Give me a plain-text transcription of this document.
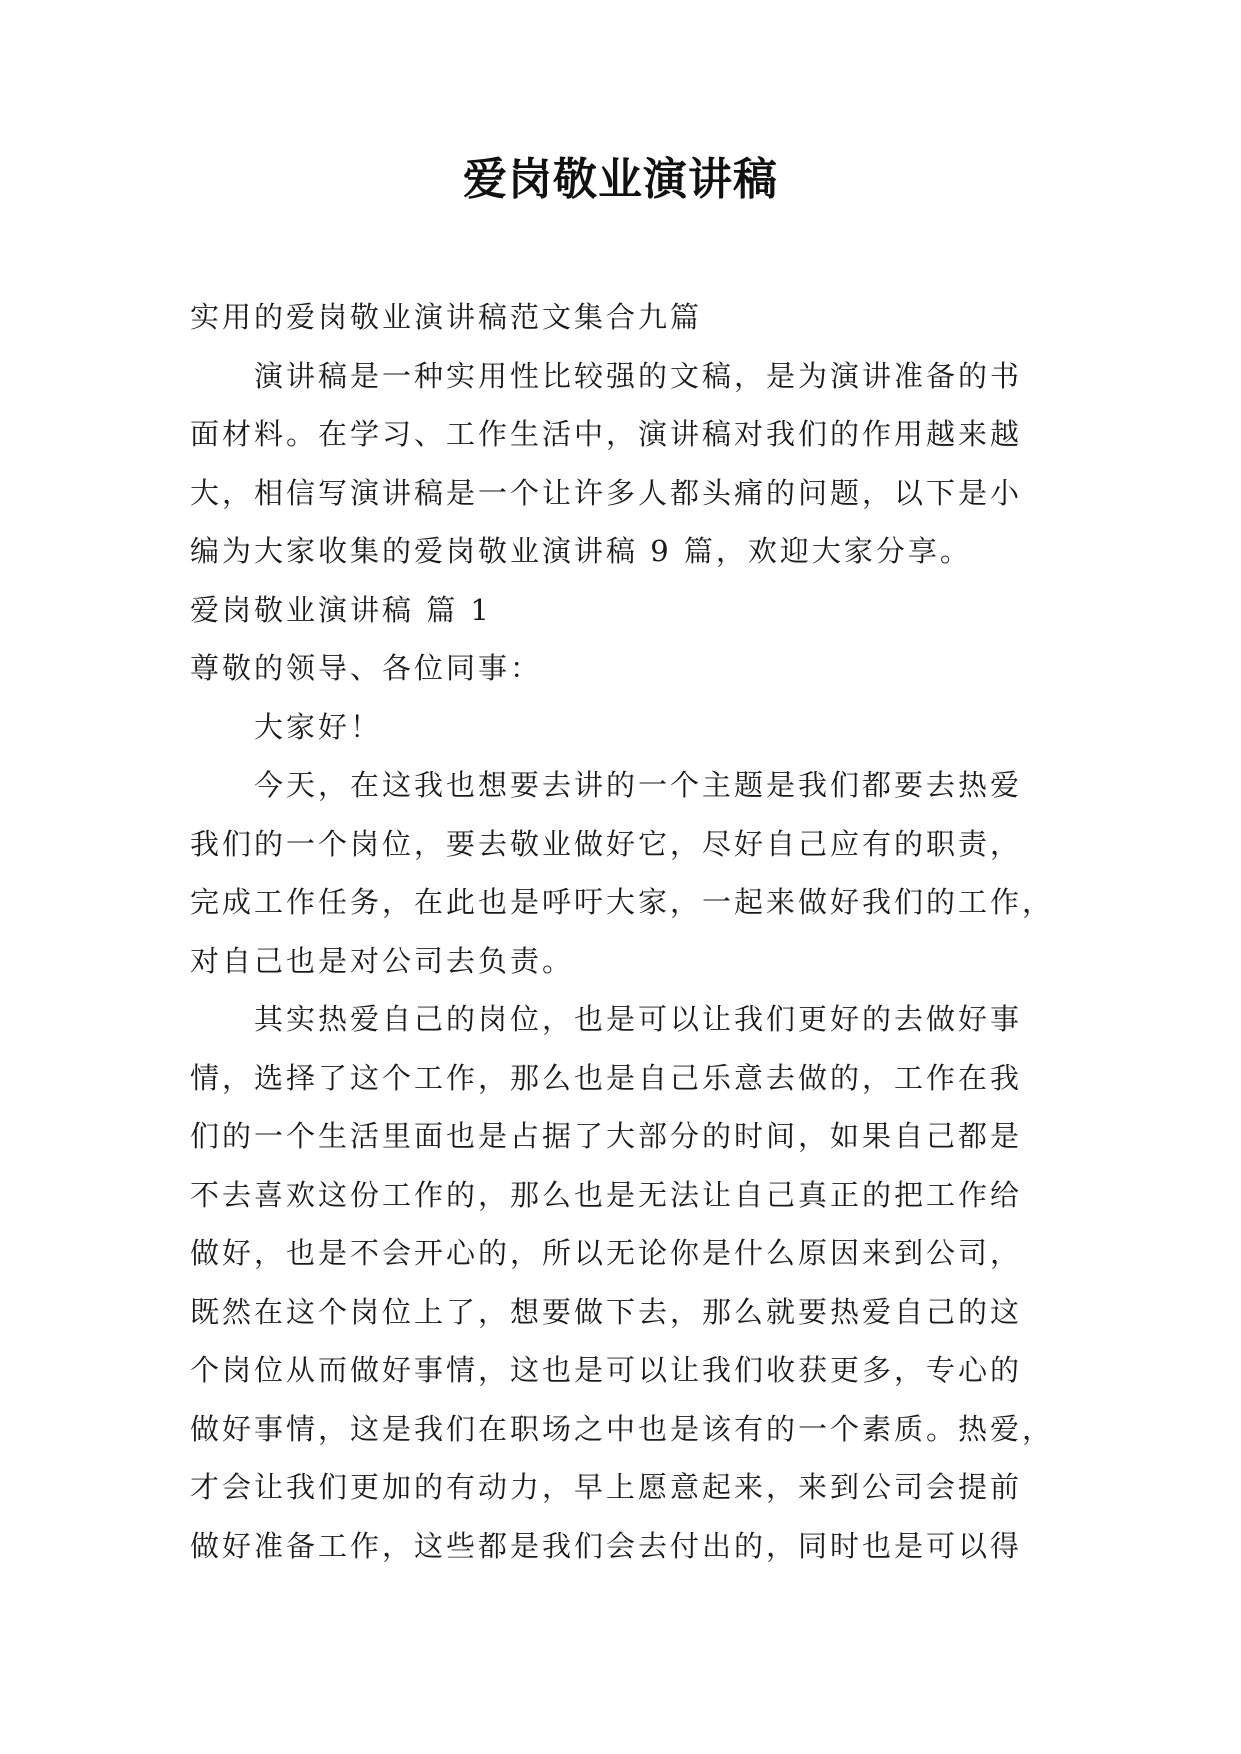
爱岗敬业演讲稿
实用的爱岗敬业演讲稿范文集合九篇
演讲稿是一种实用性比较强的文稿，是为演讲准备的书
面材料。在学习、工作生活中，演讲稿对我们的作用越来越
大，相信写演讲稿是一个让许多人都头痛的问题，以下是小
编为大家收集的爱岗敬业演讲稿 9 篇，欢迎大家分享。
爱岗敬业演讲稿 篇 1
尊敬的领导、各位同事：
大家好！
今天，在这我也想要去讲的一个主题是我们都要去热爱
我们的一个岗位，要去敬业做好它，尽好自己应有的职责，
完成工作任务，在此也是呼吁大家，一起来做好我们的工作，
对自己也是对公司去负责。
其实热爱自己的岗位，也是可以让我们更好的去做好事
情，选择了这个工作，那么也是自己乐意去做的，工作在我
们的一个生活里面也是占据了大部分的时间，如果自己都是
不去喜欢这份工作的，那么也是无法让自己真正的把工作给
做好，也是不会开心的，所以无论你是什么原因来到公司，
既然在这个岗位上了，想要做下去，那么就要热爱自己的这
个岗位从而做好事情，这也是可以让我们收获更多，专心的
做好事情，这是我们在职场之中也是该有的一个素质。热爱，
才会让我们更加的有动力，早上愿意起来，来到公司会提前
做好准备工作，这些都是我们会去付出的，同时也是可以得
